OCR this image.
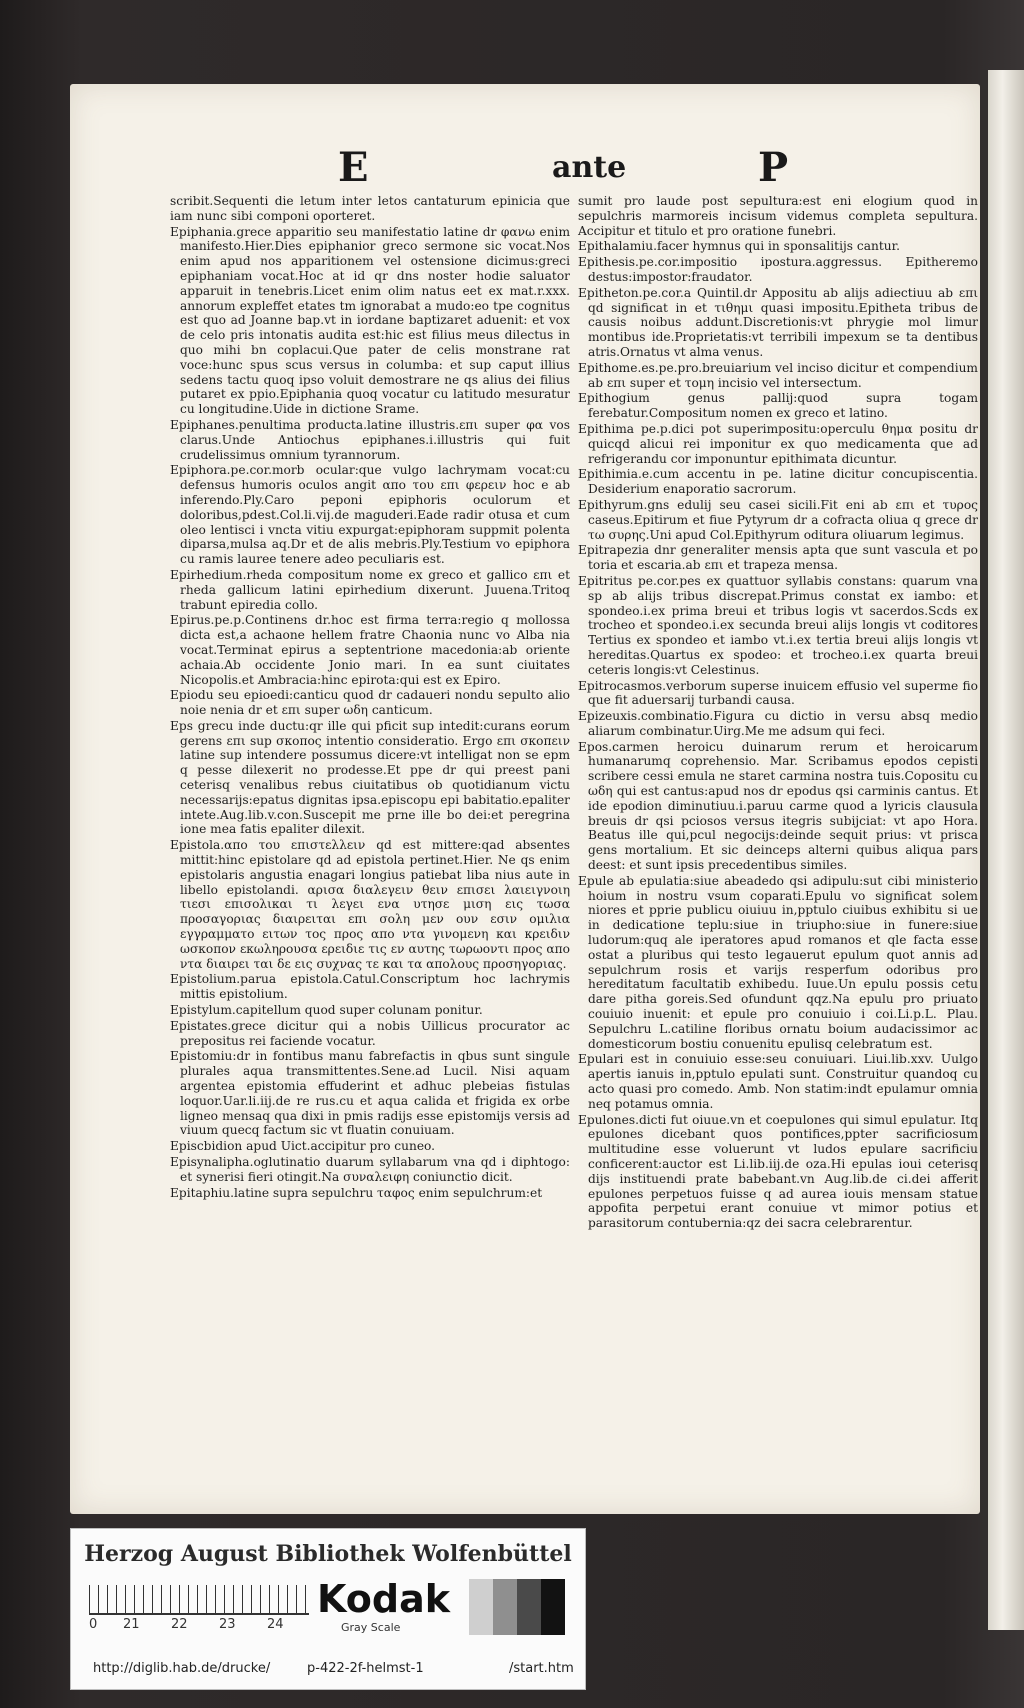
E	ante	P

scribit.Sequenti die letum inter letos cantaturum epinicia que iam nunc sibi componi oporteret.

Epiphania.grece apparitio seu manifestatio latine dr φανω enim manifesto.Hier.Dies epiphanior greco sermone sic vocat.Nos enim apud nos apparitionem vel ostensione dicimus:greci epiphaniam vocat.Hoc at id qr dns noster hodie saluator apparuit in tenebris.Licet enim olim natus eet ex mat.r.xxx. annorum expleffet etates tm ignorabat a mudo:eo tpe cognitus est quo ad Joanne bap.vt in iordane baptizaret aduenit: et vox de celo pris intonatis audita est:hic est filius meus dilectus in quo mihi bn coplacui.Que pater de celis monstrane rat voce:hunc spus scus versus in columba: et sup caput illius sedens tactu quoq ipso voluit demostrare ne qs alius dei filius putaret ex ppio.Epiphania quoq vocatur cu latitudo mesuratur cu longitudine.Uide in dictione Srame.

Epiphanes.penultima producta.latine illustris.επι super φα vos clarus.Unde Antiochus epiphanes.i.illustris qui fuit crudelissimus omnium tyrannorum.

Epiphora.pe.cor.morb ocular:que vulgo lachrymam vocat:cu defensus humoris oculos angit απο του επι φερειν hoc e ab inferendo.Ply.Caro peponi epiphoris oculorum et doloribus,pdest.Col.li.vij.de maguderi.Eade radir otusa et cum oleo lentisci i vncta vitiu expurgat:epiphoram suppmit polenta diparsa,mulsa aq.Dr et de alis mebris.Ply.Testium vo epiphora cu ramis lauree tenere adeo peculiaris est.

Epirhedium.rheda compositum nome ex greco et gallico επι et rheda gallicum latini epirhedium dixerunt. Juuena.Tritoq trabunt epiredia collo.

Epirus.pe.p.Continens dr.hoc est firma terra:regio q mollossa dicta est,a achaone hellem fratre Chaonia nunc vo Alba nia vocat.Terminat epirus a septentrione macedonia:ab oriente achaia.Ab occidente Jonio mari. In ea sunt ciuitates Nicopolis.et Ambracia:hinc epirota:qui est ex Epiro.

Epiodu seu epioedi:canticu quod dr cadaueri nondu sepulto alio noie nenia dr et επι super ωδη canticum.

Eps grecu inde ductu:qr ille qui pficit sup intedit:curans eorum gerens επι sup σκοπος intentio consideratio. Ergo επι σκοπειν latine sup intendere possumus dicere:vt intelligat non se epm q pesse dilexerit no prodesse.Et ppe dr qui preest pani ceterisq venalibus rebus ciuitatibus ob quotidianum victu necessarijs:epatus dignitas ipsa.episcopu epi babitatio.epaliter intete.Aug.lib.v.con.Suscepit me prne ille bo dei:et peregrina ione mea fatis epaliter dilexit.

Epistola.απο του επιστελλειν qd est mittere:qad absentes mittit:hinc epistolare qd ad epistola pertinet.Hier. Ne qs enim epistolaris angustia enagari longius patiebat liba nius aute in libello epistolandi. αρισα διαλεγειν θειν επισει λαιειγνοιη τιεσι επισολικαι τι λεγει ενα υτησε μιση εις τωσα προσαγοριας διαιρειται επι σολη μεν ουν εσιν ομιλια εγγραμματο ειτων τος προς απο ντα γινομενη και κρειδιν ωσκοπον εκωληρουσα ερειδιε τις εν αυτης τωρωοντι προς απο ντα διαιρει ται δε εις συχνας τε και τα απολους προσηγοριας.

Epistolium.parua epistola.Catul.Conscriptum hoc lachrymis mittis epistolium.

Epistylum.capitellum quod super colunam ponitur.

Epistates.grece dicitur qui a nobis Uillicus procurator ac prepositus rei faciende vocatur.

Epistomiu:dr in fontibus manu fabrefactis in qbus sunt singule plurales aqua transmittentes.Sene.ad Lucil. Nisi aquam argentea epistomia effuderint et adhuc plebeias fistulas loquor.Uar.li.iij.de re rus.cu et aqua calida et frigida ex orbe ligneo mensaq qua dixi in pmis radijs esse epistomijs versis ad viuum quecq factum sic vt fluatin conuiuam.

Episcbidion apud Uict.accipitur pro cuneo.

Episynalipha.oglutinatio duarum syllabarum vna qd i diphtogo: et synerisi fieri otingit.Na συναλειφη coniunctio dicit.

Epitaphiu.latine supra sepulchru ταφος enim sepulchrum:et

sumit pro laude post sepultura:est eni elogium quod in sepulchris marmoreis incisum videmus completa sepultura. Accipitur et titulo et pro oratione funebri.

Epithalamiu.facer hymnus qui in sponsalitijs cantur.

Epithesis.pe.cor.impositio ipostura.aggressus. Epitheremo destus:impostor:fraudator.

Epitheton.pe.cor.a Quintil.dr Appositu ab alijs adiectiuu ab επι qd significat in et τιθημι quasi impositu.Epitheta tribus de causis noibus addunt.Discretionis:vt phrygie mol limur montibus ide.Proprietatis:vt terribili impexum se ta dentibus atris.Ornatus vt alma venus.

Epithome.es.pe.pro.breuiarium vel inciso dicitur et compendium ab επι super et τομη incisio vel intersectum.

Epithogium genus pallij:quod supra togam ferebatur.Compositum nomen ex greco et latino.

Epithima pe.p.dici pot superimpositu:operculu θημα positu dr quicqd alicui rei imponitur ex quo medicamenta que ad refrigerandu cor imponuntur epithimata dicuntur.

Epithimia.e.cum accentu in pe. latine dicitur concupiscentia. Desiderium enaporatio sacrorum.

Epithyrum.gns edulij seu casei sicili.Fit eni ab επι et τυρος caseus.Epitirum et fiue Pytyrum dr a cofracta oliua q grece dr τω συρης.Uni apud Col.Epithyrum oditura oliuarum legimus.

Epitrapezia dnr generaliter mensis apta que sunt vascula et po toria et escaria.ab επι et trapeza mensa.

Epitritus pe.cor.pes ex quattuor syllabis constans: quarum vna sp ab alijs tribus discrepat.Primus constat ex iambo: et spondeo.i.ex prima breui et tribus logis vt sacerdos.Scds ex trocheo et spondeo.i.ex secunda breui alijs longis vt coditores Tertius ex spondeo et iambo vt.i.ex tertia breui alijs longis vt hereditas.Quartus ex spodeo: et trocheo.i.ex quarta breui ceteris longis:vt Celestinus.

Epitrocasmos.verborum superse inuicem effusio vel superme fio que fit aduersarij turbandi causa.

Epizeuxis.combinatio.Figura cu dictio in versu absq medio aliarum combinatur.Uirg.Me me adsum qui feci.

Epos.carmen heroicu duinarum rerum et heroicarum humanarumq coprehensio. Mar. Scribamus epodos cepisti scribere cessi emula ne staret carmina nostra tuis.Copositu cu ωδη qui est cantus:apud nos dr epodus qsi carminis cantus. Et ide epodion diminutiuu.i.paruu carme quod a lyricis clausula breuis dr qsi pciosos versus itegris subijciat: vt apo Hora. Beatus ille qui,pcul negocijs:deinde sequit prius: vt prisca gens mortalium. Et sic deinceps alterni quibus aliqua pars deest: et sunt ipsis precedentibus similes.

Epule ab epulatia:siue abeadedo qsi adipulu:sut cibi ministerio hoium in nostru vsum coparati.Epulu vo significat solem niores et pprie publicu oiuiuu in,pptulo ciuibus exhibitu si ue in dedicatione teplu:siue in triupho:siue in funere:siue ludorum:quq ale iperatores apud romanos et qle facta esse ostat a pluribus qui testo legauerut epulum quot annis ad sepulchrum rosis et varijs resperfum odoribus pro hereditatum facultatib exhibedu. Iuue.Un epulu possis cetu dare pitha goreis.Sed ofundunt qqz.Na epulu pro priuato couiuio inuenit: et epule pro conuiuio i coi.Li.p.L. Plau. Sepulchru L.catiline floribus ornatu boium audacissimor ac domesticorum bostiu conuenitu epulisq celebratum est.

Epulari est in conuiuio esse:seu conuiuari. Liui.lib.xxv. Uulgo apertis ianuis in,pptulo epulati sunt. Construitur quandoq cu acto quasi pro comedo. Amb. Non statim:indt epulamur omnia neq potamus omnia.

Epulones.dicti fut oiuue.vn et coepulones qui simul epulatur. Itq epulones dicebant quos pontifices,ppter sacrificiosum multitudine esse voluerunt vt ludos epulare sacrificiu conficerent:auctor est Li.lib.iij.de oza.Hi epulas ioui ceterisq dijs instituendi prate babebant.vn Aug.lib.de ci.dei afferit epulones perpetuos fuisse q ad aurea iouis mensam statue appofita perpetui erant conuiue vt mimor potius et parasitorum contubernia:qz dei sacra celebrarentur.

Herzog August Bibliothek Wolfenbüttel
0 21 22 23 24
Kodak
Gray Scale
http://diglib.hab.de/drucke/	p-422-2f-helmst-1	/start.htm
